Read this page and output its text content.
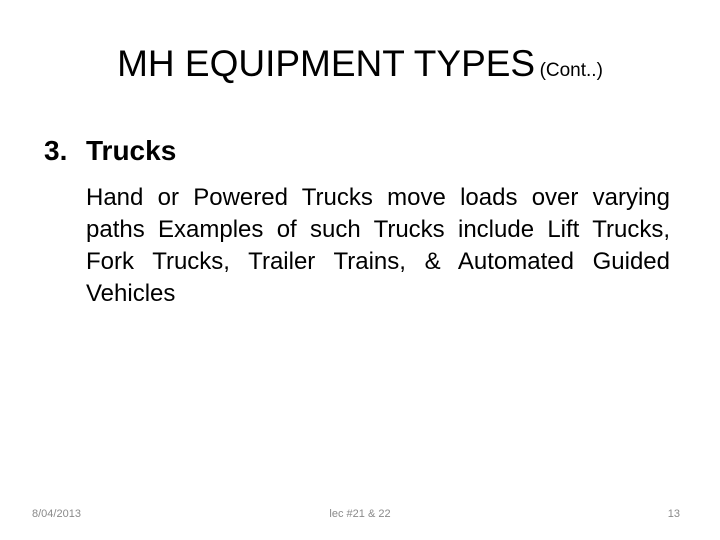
MH EQUIPMENT TYPES (Cont..)
3. Trucks
Hand or Powered Trucks move loads over varying paths Examples of such Trucks include Lift Trucks, Fork Trucks, Trailer Trains, & Automated Guided Vehicles
8/04/2013	lec #21 & 22	13
